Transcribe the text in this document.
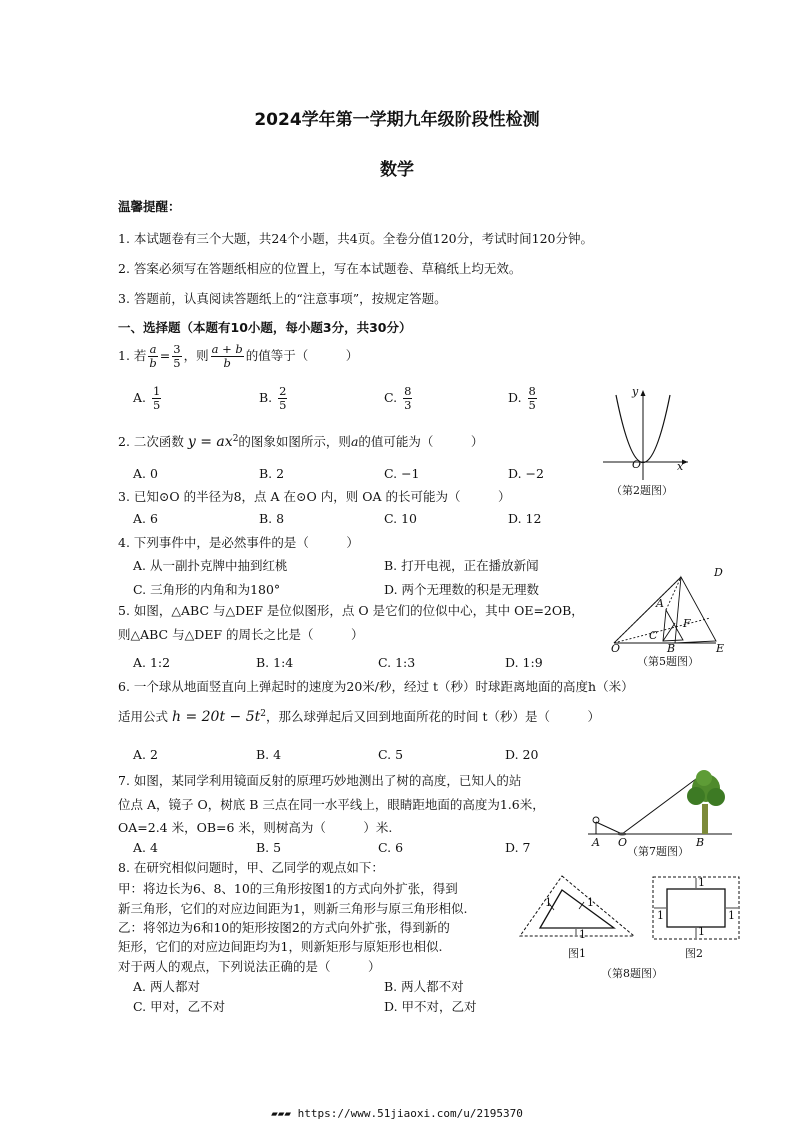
2024学年第一学期九年级阶段性检测
数学
温馨提醒：
1. 本试题卷有三个大题，共24个小题，共4页。全卷分值120分，考试时间120分钟。
2. 答案必须写在答题纸相应的位置上，写在本试题卷、草稿纸上均无效。
3. 答题前，认真阅读答题纸上的“注意事项”，按规定答题。
一、选择题（本题有10小题，每小题3分，共30分）
1. 若 $\frac{a}{b} = \frac{3}{5}$ ，则 $\frac{a + b}{b}$ 的值等于（　　　）
A. $\frac{1}{5}$	B. $\frac{2}{5}$	C. $\frac{8}{3}$	D. $\frac{8}{5}$
2. 二次函数 $y = ax^2$的图象如图所示，则a的值可能为（　　　）
A. 0	B. 2	C. −1	D. −2
y
x
O
（第2题图）
3. 已知⊙O 的半径为8，点 A 在⊙O 内，则 OA 的长可能为（　　　）
A. 6	B. 8	C. 10	D. 12
4. 下列事件中，是必然事件的是（　　　）
A. 从一副扑克牌中抽到红桃	B. 打开电视，正在播放新闻
C. 三角形的内角和为180°	D. 两个无理数的积是无理数
5. 如图，△ABC 与△DEF 是位似图形，点 O 是它们的位似中心，其中 OE=2OB，
则△ABC 与△DEF 的周长之比是（　　　）
A. 1:2	B. 1:4	C. 1:3	D. 1:9
D
A
F
C
O	B	E
（第5题图）
6. 一个球从地面竖直向上弹起时的速度为20米/秒，经过 t（秒）时球距离地面的高度h（米）
适用公式 $h = 20t - 5t^2$，那么球弹起后又回到地面所花的时间 t（秒）是（　　　）
A. 2	B. 4	C. 5	D. 20
7. 如图，某同学利用镜面反射的原理巧妙地测出了树的高度，已知人的站
位点 A，镜子 O，树底 B 三点在同一水平线上，眼睛距地面的高度为1.6米，
OA=2.4 米，OB=6 米，则树高为（　　　）米.
A. 4	B. 5	C. 6	D. 7	A O	B
（第7题图）
8. 在研究相似问题时，甲、乙同学的观点如下：
甲：将边长为6、8、10的三角形按图1的方式向外扩张，得到
新三角形，它们的对应边间距为1，则新三角形与原三角形相似.
乙：将邻边为6和10的矩形按图2的方式向外扩张，得到新的
矩形，它们的对应边间距均为1，则新矩形与原矩形也相似.
对于两人的观点，下列说法正确的是（　　　）
A. 两人都对	B. 两人都不对
C. 甲对，乙不对	D. 甲不对，乙对
1	1
1
图1
1
1
1	1
图2
（第8题图）
▰▰▰ https://www.51jiaoxi.com/u/2195370
